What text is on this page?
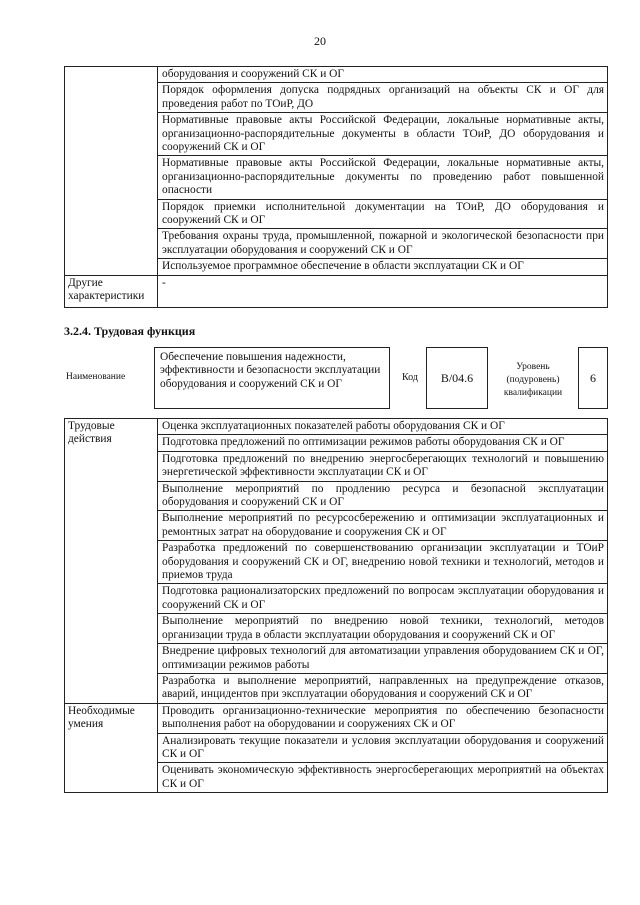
20
	оборудования и сооружений СК и ОГ
	Порядок оформления допуска подрядных организаций на объекты СК и ОГ для проведения работ по ТОиР, ДО
	Нормативные правовые акты Российской Федерации, локальные нормативные акты, организационно-распорядительные документы в области ТОиР, ДО оборудования и сооружений СК и ОГ
	Нормативные правовые акты Российской Федерации, локальные нормативные акты, организационно-распорядительные документы по проведению работ повышенной опасности
	Порядок приемки исполнительной документации на ТОиР, ДО оборудования и сооружений СК и ОГ
	Требования охраны труда, промышленной, пожарной и экологической безопасности при эксплуатации оборудования и сооружений СК и ОГ
	Используемое программное обеспечение в области эксплуатации СК и ОГ
Другие характеристики	-
3.2.4. Трудовая функция
Наименование
Обеспечение повышения надежности, эффективности и безопасности эксплуатации оборудования и сооружений СК и ОГ
Код	B/04.6
Уровень (подуровень) квалификации
6
Трудовые действия	Оценка эксплуатационных показателей работы оборудования СК и ОГ
	Подготовка предложений по оптимизации режимов работы оборудования СК и ОГ
	Подготовка предложений по внедрению энергосберегающих технологий и повышению энергетической эффективности эксплуатации СК и ОГ
	Выполнение мероприятий по продлению ресурса и безопасной эксплуатации оборудования и сооружений СК и ОГ
	Выполнение мероприятий по ресурсосбережению и оптимизации эксплуатационных и ремонтных затрат на оборудование и сооружения СК и ОГ
	Разработка предложений по совершенствованию организации эксплуатации и ТОиР оборудования и сооружений СК и ОГ, внедрению новой техники и технологий, методов и приемов труда
	Подготовка рационализаторских предложений по вопросам эксплуатации оборудования и сооружений СК и ОГ
	Выполнение мероприятий по внедрению новой техники, технологий, методов организации труда в области эксплуатации оборудования и сооружений СК и ОГ
	Внедрение цифровых технологий для автоматизации управления оборудованием СК и ОГ, оптимизации режимов работы
	Разработка и выполнение мероприятий, направленных на предупреждение отказов, аварий, инцидентов при эксплуатации оборудования и сооружений СК и ОГ
Необходимые умения	Проводить организационно-технические мероприятия по обеспечению безопасности выполнения работ на оборудовании и сооружениях СК и ОГ
	Анализировать текущие показатели и условия эксплуатации оборудования и сооружений СК и ОГ
	Оценивать экономическую эффективность энергосберегающих мероприятий на объектах СК и ОГ
